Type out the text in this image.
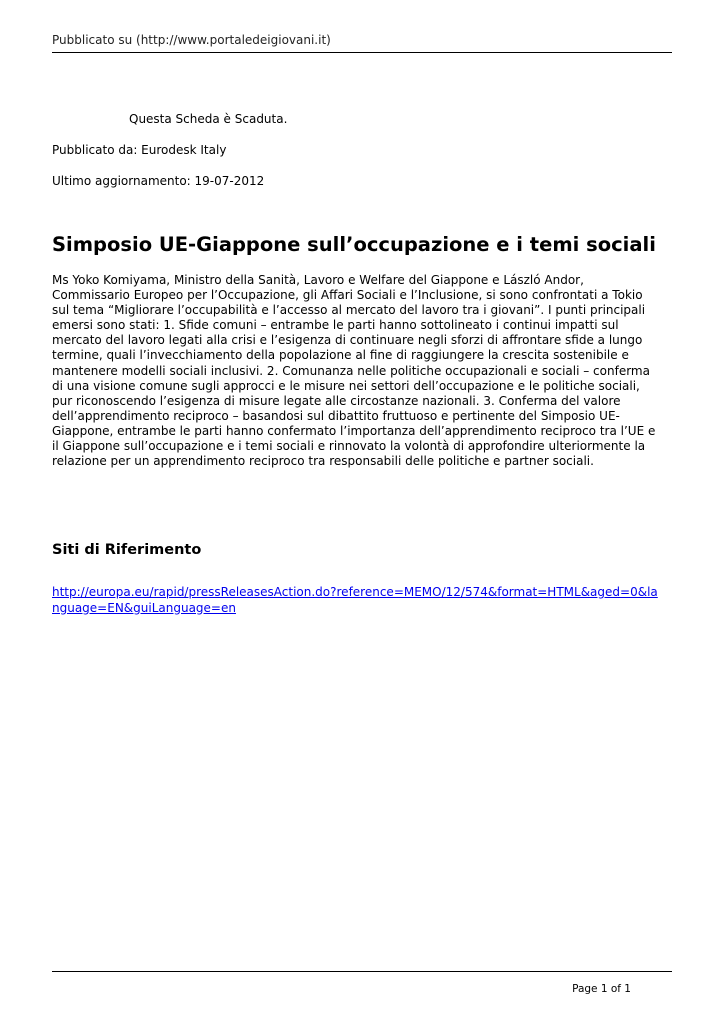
Pubblicato su (http://www.portaledeigiovani.it)
Questa Scheda è Scaduta.
Pubblicato da: Eurodesk Italy
Ultimo aggiornamento: 19-07-2012
Simposio UE-Giappone sull’occupazione e i temi sociali

Ms Yoko Komiyama, Ministro della Sanità, Lavoro e Welfare del Giappone e László Andor,
Commissario Europeo per l’Occupazione, gli Affari Sociali e l’Inclusione, si sono confrontati a Tokio
sul tema “Migliorare l’occupabilità e l’accesso al mercato del lavoro tra i giovani”. I punti principali
emersi sono stati: 1. Sfide comuni – entrambe le parti hanno sottolineato i continui impatti sul
mercato del lavoro legati alla crisi e l’esigenza di continuare negli sforzi di affrontare sfide a lungo
termine, quali l’invecchiamento della popolazione al fine di raggiungere la crescita sostenibile e
mantenere modelli sociali inclusivi. 2. Comunanza nelle politiche occupazionali e sociali – conferma
di una visione comune sugli approcci e le misure nei settori dell’occupazione e le politiche sociali,
pur riconoscendo l’esigenza di misure legate alle circostanze nazionali. 3. Conferma del valore
dell’apprendimento reciproco – basandosi sul dibattito fruttuoso e pertinente del Simposio UE-
Giappone, entrambe le parti hanno confermato l’importanza dell’apprendimento reciproco tra l’UE e
il Giappone sull’occupazione e i temi sociali e rinnovato la volontà di approfondire ulteriormente la
relazione per un apprendimento reciproco tra responsabili delle politiche e partner sociali.

Siti di Riferimento
http://europa.eu/rapid/pressReleasesAction.do?reference=MEMO/12/574&format=HTML&aged=0&la
nguage=EN&guiLanguage=en
Page 1 of 1
